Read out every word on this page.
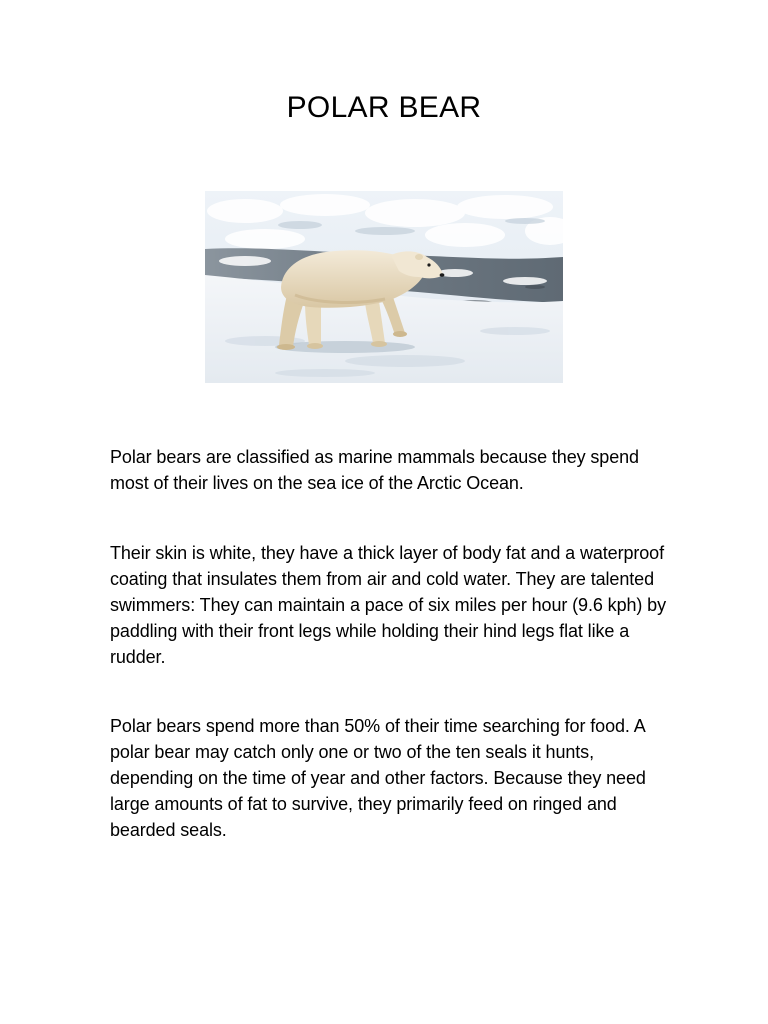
POLAR BEAR

Polar bears are classified as marine mammals because they spend most of their lives on the sea ice of the Arctic Ocean.

Their skin is white, they have a thick layer of body fat and a waterproof coating that insulates them from air and cold water. They are talented swimmers: They can maintain a pace of six miles per hour (9.6 kph) by paddling with their front legs while holding their hind legs flat like a rudder.

Polar bears spend more than 50% of their time searching for food. A polar bear may catch only one or two of the ten seals it hunts, depending on the time of year and other factors. Because they need large amounts of fat to survive, they primarily feed on ringed and bearded seals.
